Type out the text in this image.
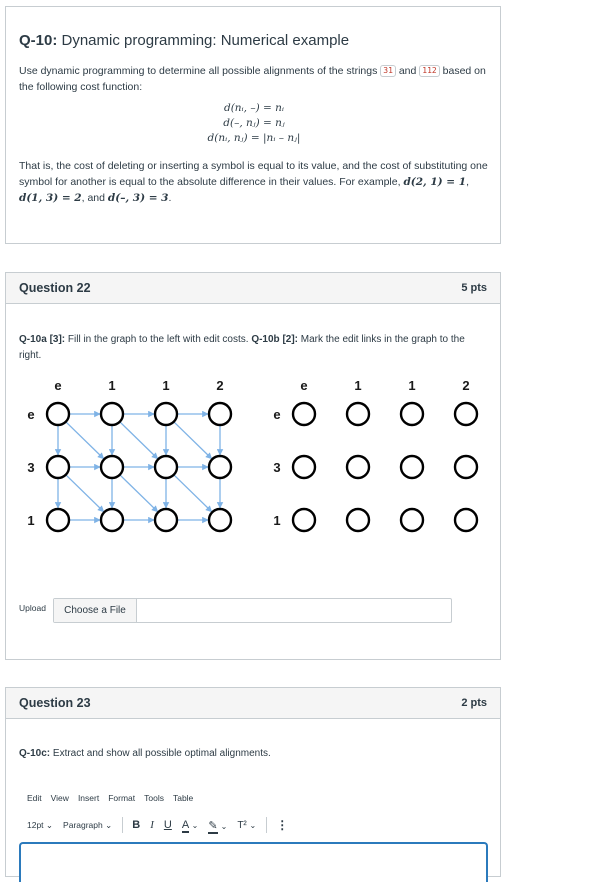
Q-10: Dynamic programming: Numerical example
Use dynamic programming to determine all possible alignments of the strings 31 and 112 based on the following cost function:
d(nᵢ, –) = nᵢ
d(–, nⱼ) = nⱼ
d(nᵢ, nⱼ) = |nᵢ – nⱼ|
That is, the cost of deleting or inserting a symbol is equal to its value, and the cost of substituting one symbol for another is equal to the absolute difference in their values. For example, d(2, 1) = 1, d(1, 3) = 2, and d(–, 3) = 3.
Question 22	5 pts
Q-10a [3]: Fill in the graph to the left with edit costs. Q-10b [2]: Mark the edit links in the graph to the right.
e	1	1	2
e
3
1
e	1	1	2
e
3
1
Upload	Choose a File
Question 23	2 pts
Q-10c: Extract and show all possible optimal alignments.
Edit View Insert Format Tools Table
12pt ⌄ Paragraph ⌄ B I U A ⌄ ✎ ⌄ T² ⌄ ⋮
